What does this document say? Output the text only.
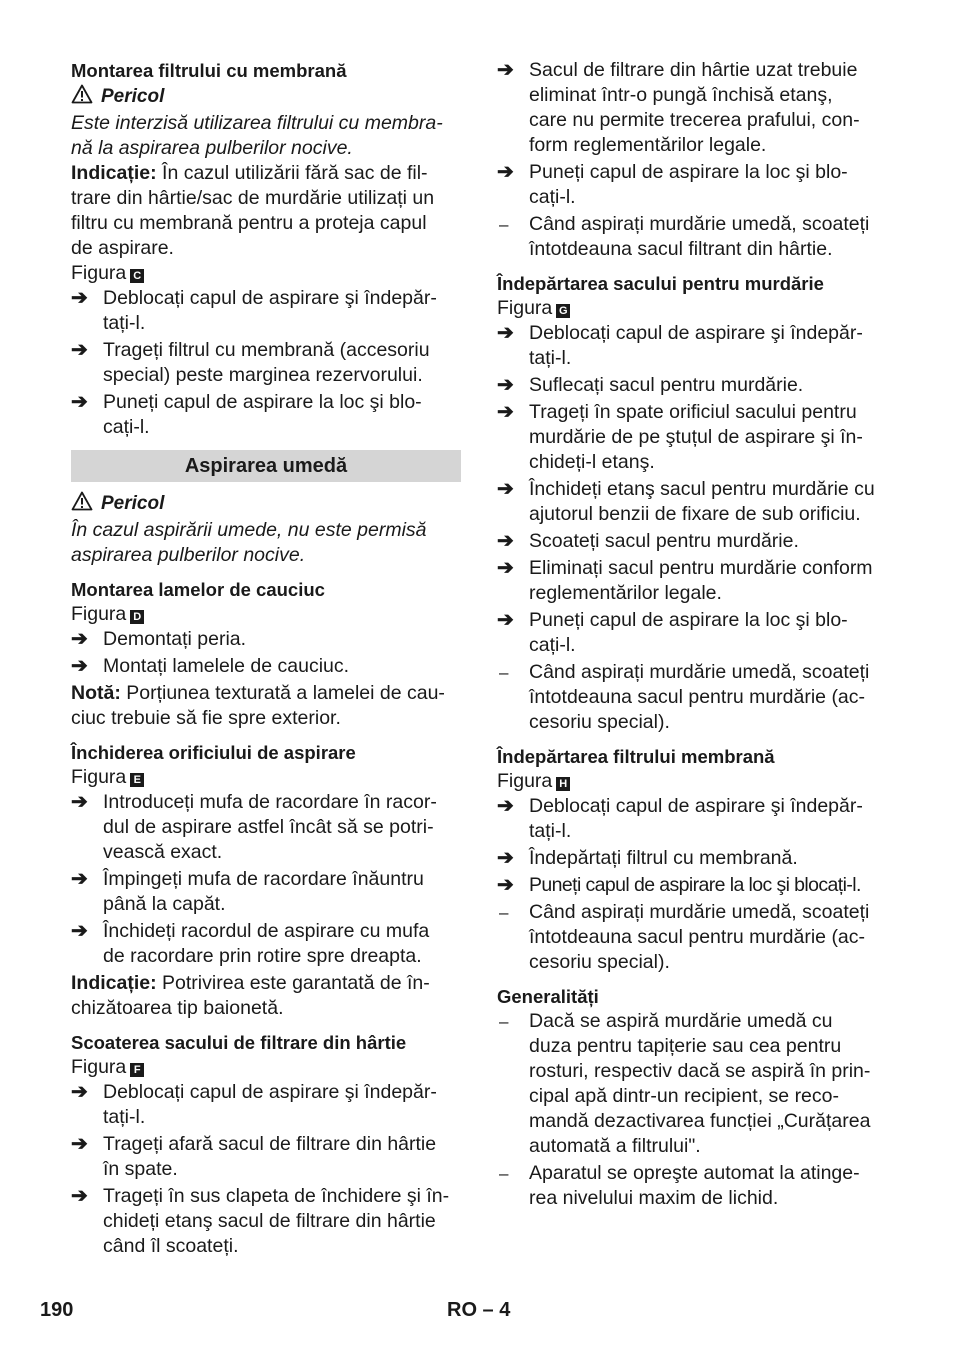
Montarea filtrului cu membrană

Pericol

Este interzisă utilizarea filtrului cu membra-

nă la aspirarea pulberilor nocive.

Indicație: În cazul utilizării fără sac de fil-

trare din hârtie/sac de murdărie utilizați un

filtru cu membrană pentru a proteja capul

de aspirare.

Figura C

➔ Deblocați capul de aspirare şi îndepăr-
tați-l.
➔ Trageți filtrul cu membrană (accesoriu
special) peste marginea rezervorului.
➔ Puneți capul de aspirare la loc şi blo-
cați-l.
Aspirarea umedă

Pericol

În cazul aspirării umede, nu este permisă

aspirarea pulberilor nocive.

Montarea lamelor de cauciuc

Figura D

➔ Demontați peria.
➔ Montați lamelele de cauciuc.

Notă: Porțiunea texturată a lamelei de cau-

ciuc trebuie să fie spre exterior.

Închiderea orificiului de aspirare

Figura E

➔ Introduceți mufa de racordare în racor-
dul de aspirare astfel încât să se potri-
vească exact.
➔ Împingeți mufa de racordare înăuntru
până la capăt.
➔ Închideți racordul de aspirare cu mufa
de racordare prin rotire spre dreapta.

Indicație: Potrivirea este garantată de în-

chizătoarea tip baionetă.

Scoaterea sacului de filtrare din hârtie

Figura F

➔ Deblocați capul de aspirare şi îndepăr-
tați-l.
➔ Trageți afară sacul de filtrare din hârtie
în spate.
➔ Trageți în sus clapeta de închidere şi în-
chideți etanş sacul de filtrare din hârtie
când îl scoateți.
➔ Sacul de filtrare din hârtie uzat trebuie
eliminat într-o pungă închisă etanş,
care nu permite trecerea prafului, con-
form reglementărilor legale.
➔ Puneți capul de aspirare la loc şi blo-
cați-l.
–	Când aspirați murdărie umedă, scoateți
întotdeauna sacul filtrant din hârtie.

Îndepărtarea sacului pentru murdărie

Figura G

➔ Deblocați capul de aspirare şi îndepăr-
tați-l.
➔ Suflecați sacul pentru murdărie.
➔ Trageți în spate orificiul sacului pentru
murdărie de pe ştuțul de aspirare şi în-
chideți-l etanş.
➔ Închideți etanş sacul pentru murdărie cu
ajutorul benzii de fixare de sub orificiu.
➔ Scoateți sacul pentru murdărie.
➔ Eliminați sacul pentru murdărie conform
reglementărilor legale.
➔ Puneți capul de aspirare la loc şi blo-
cați-l.
–	Când aspirați murdărie umedă, scoateți
întotdeauna sacul pentru murdărie (ac-
cesoriu special).

Îndepărtarea filtrului membrană

Figura H

➔ Deblocați capul de aspirare şi îndepăr-
tați-l.
➔ Îndepărtați filtrul cu membrană.
➔ Puneți capul de aspirare la loc şi blocați-l.
–	Când aspirați murdărie umedă, scoateți
întotdeauna sacul pentru murdărie (ac-
cesoriu special).

Generalități

–	Dacă se aspiră murdărie umedă cu
duza pentru tapițerie sau cea pentru
rosturi, respectiv dacă se aspiră în prin-
cipal apă dintr-un recipient, se reco-
mandă dezactivarea funcției „Curățarea
automată a filtrului".
–	Aparatul se opreşte automat la atinge-
rea nivelului maxim de lichid.
190	RO – 4
